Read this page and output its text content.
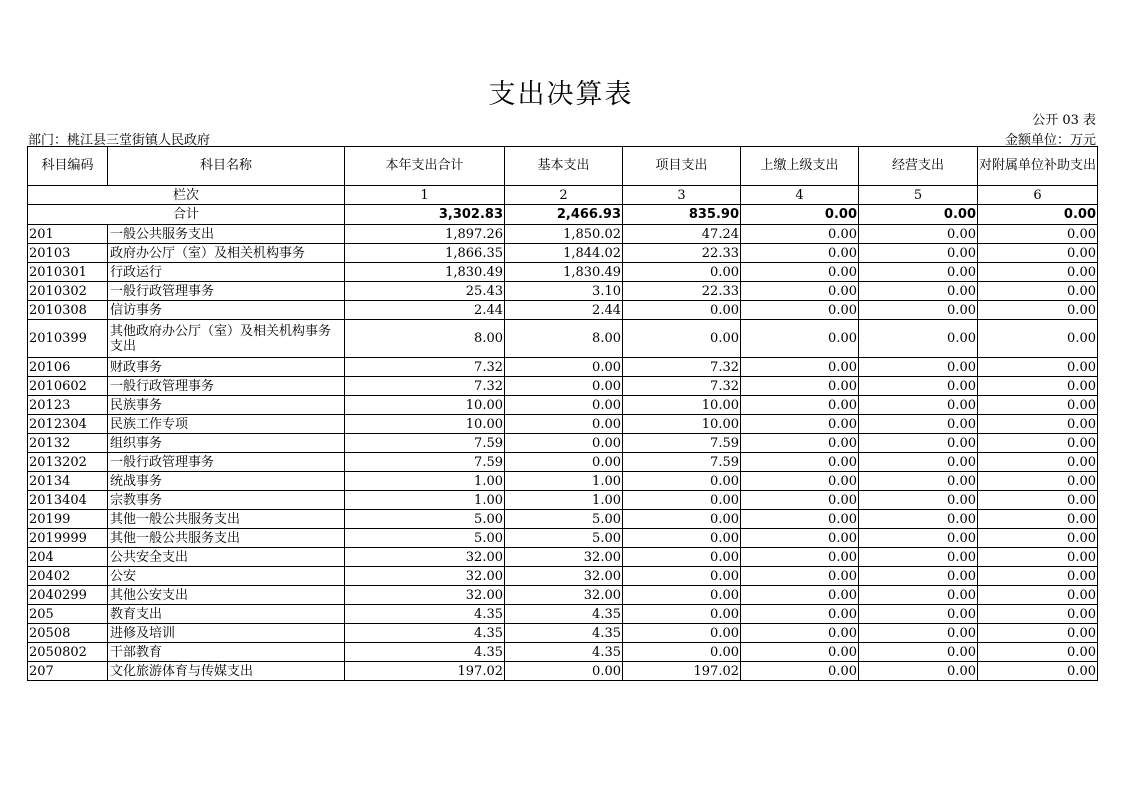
支出决算表
公开 03 表
部门：桃江县三堂街镇人民政府	金额单位：万元
科目编码	科目名称	本年支出合计	基本支出	项目支出	上缴上级支出	经营支出	对附属单位补助支出
栏次		1	2	3	4	5	6
合计		3,302.83	2,466.93	835.90	0.00	0.00	0.00
201	一般公共服务支出	1,897.26	1,850.02	47.24	0.00	0.00	0.00
20103	政府办公厅（室）及相关机构事务	1,866.35	1,844.02	22.33	0.00	0.00	0.00
2010301	行政运行	1,830.49	1,830.49	0.00	0.00	0.00	0.00
2010302	一般行政管理事务	25.43	3.10	22.33	0.00	0.00	0.00
2010308	信访事务	2.44	2.44	0.00	0.00	0.00	0.00
2010399	其他政府办公厅（室）及相关机构事务支出	8.00	8.00	0.00	0.00	0.00	0.00
20106	财政事务	7.32	0.00	7.32	0.00	0.00	0.00
2010602	一般行政管理事务	7.32	0.00	7.32	0.00	0.00	0.00
20123	民族事务	10.00	0.00	10.00	0.00	0.00	0.00
2012304	民族工作专项	10.00	0.00	10.00	0.00	0.00	0.00
20132	组织事务	7.59	0.00	7.59	0.00	0.00	0.00
2013202	一般行政管理事务	7.59	0.00	7.59	0.00	0.00	0.00
20134	统战事务	1.00	1.00	0.00	0.00	0.00	0.00
2013404	宗教事务	1.00	1.00	0.00	0.00	0.00	0.00
20199	其他一般公共服务支出	5.00	5.00	0.00	0.00	0.00	0.00
2019999	其他一般公共服务支出	5.00	5.00	0.00	0.00	0.00	0.00
204	公共安全支出	32.00	32.00	0.00	0.00	0.00	0.00
20402	公安	32.00	32.00	0.00	0.00	0.00	0.00
2040299	其他公安支出	32.00	32.00	0.00	0.00	0.00	0.00
205	教育支出	4.35	4.35	0.00	0.00	0.00	0.00
20508	进修及培训	4.35	4.35	0.00	0.00	0.00	0.00
2050802	干部教育	4.35	4.35	0.00	0.00	0.00	0.00
207	文化旅游体育与传媒支出	197.02	0.00	197.02	0.00	0.00	0.00
